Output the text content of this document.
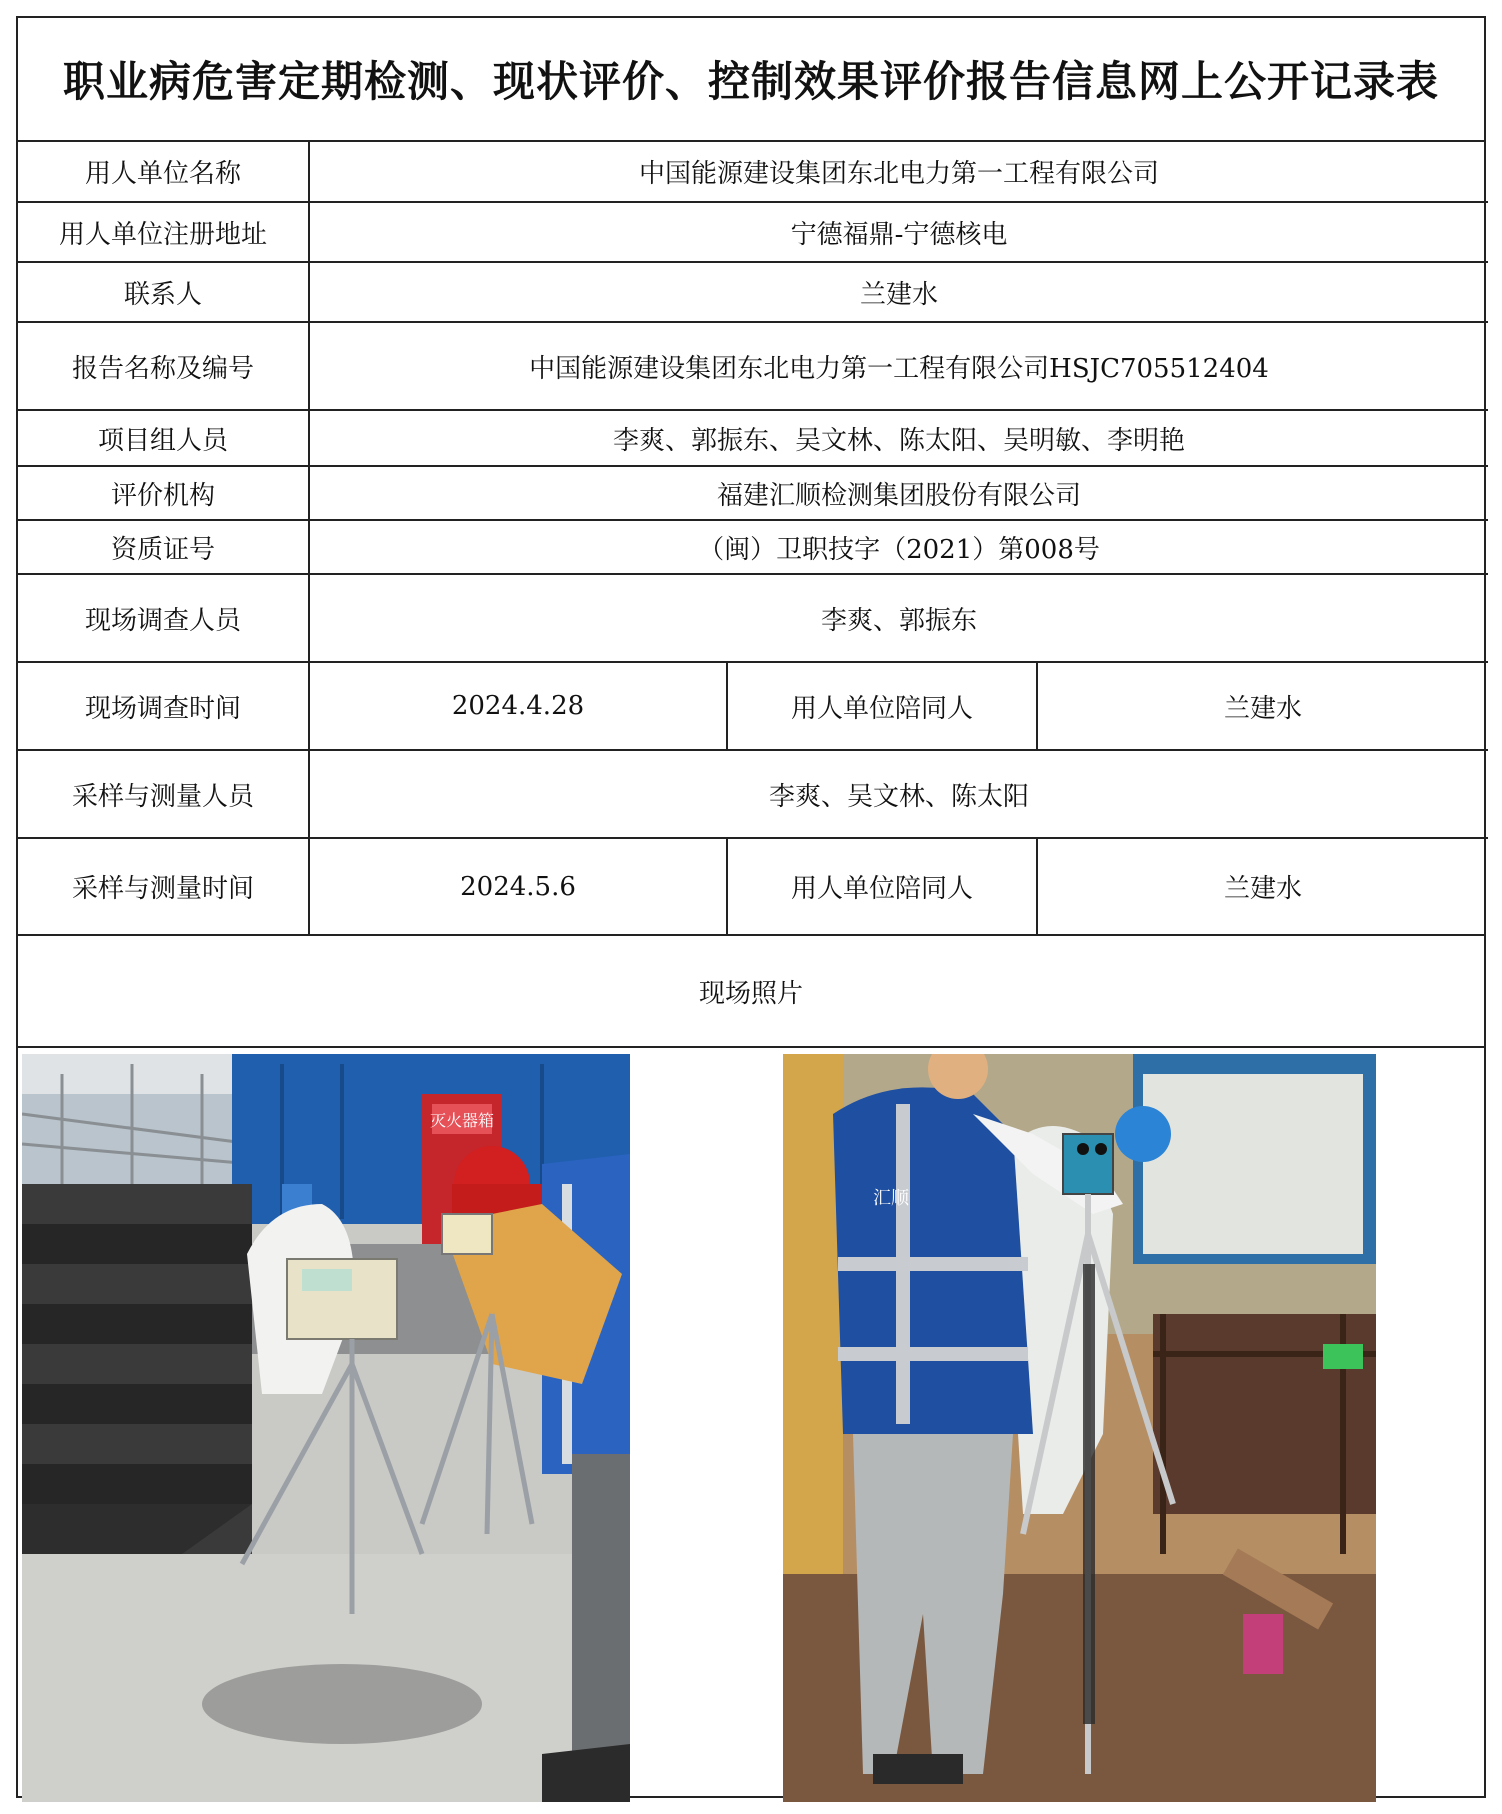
职业病危害定期检测、现状评价、控制效果评价报告信息网上公开记录表
用人单位名称	中国能源建设集团东北电力第一工程有限公司		
用人单位注册地址	宁德福鼎-宁德核电		
联系人	兰建水		
报告名称及编号	中国能源建设集团东北电力第一工程有限公司HSJC705512404		
项目组人员	李爽、郭振东、吴文林、陈太阳、吴明敏、李明艳		
评价机构	福建汇顺检测集团股份有限公司		
资质证号	（闽）卫职技字（2021）第008号		
现场调查人员	李爽、郭振东		
现场调查时间	2024.4.28	用人单位陪同人	兰建水
采样与测量人员	李爽、吴文林、陈太阳		
采样与测量时间	2024.5.6	用人单位陪同人	兰建水
现场照片
灭火器箱
汇顺
